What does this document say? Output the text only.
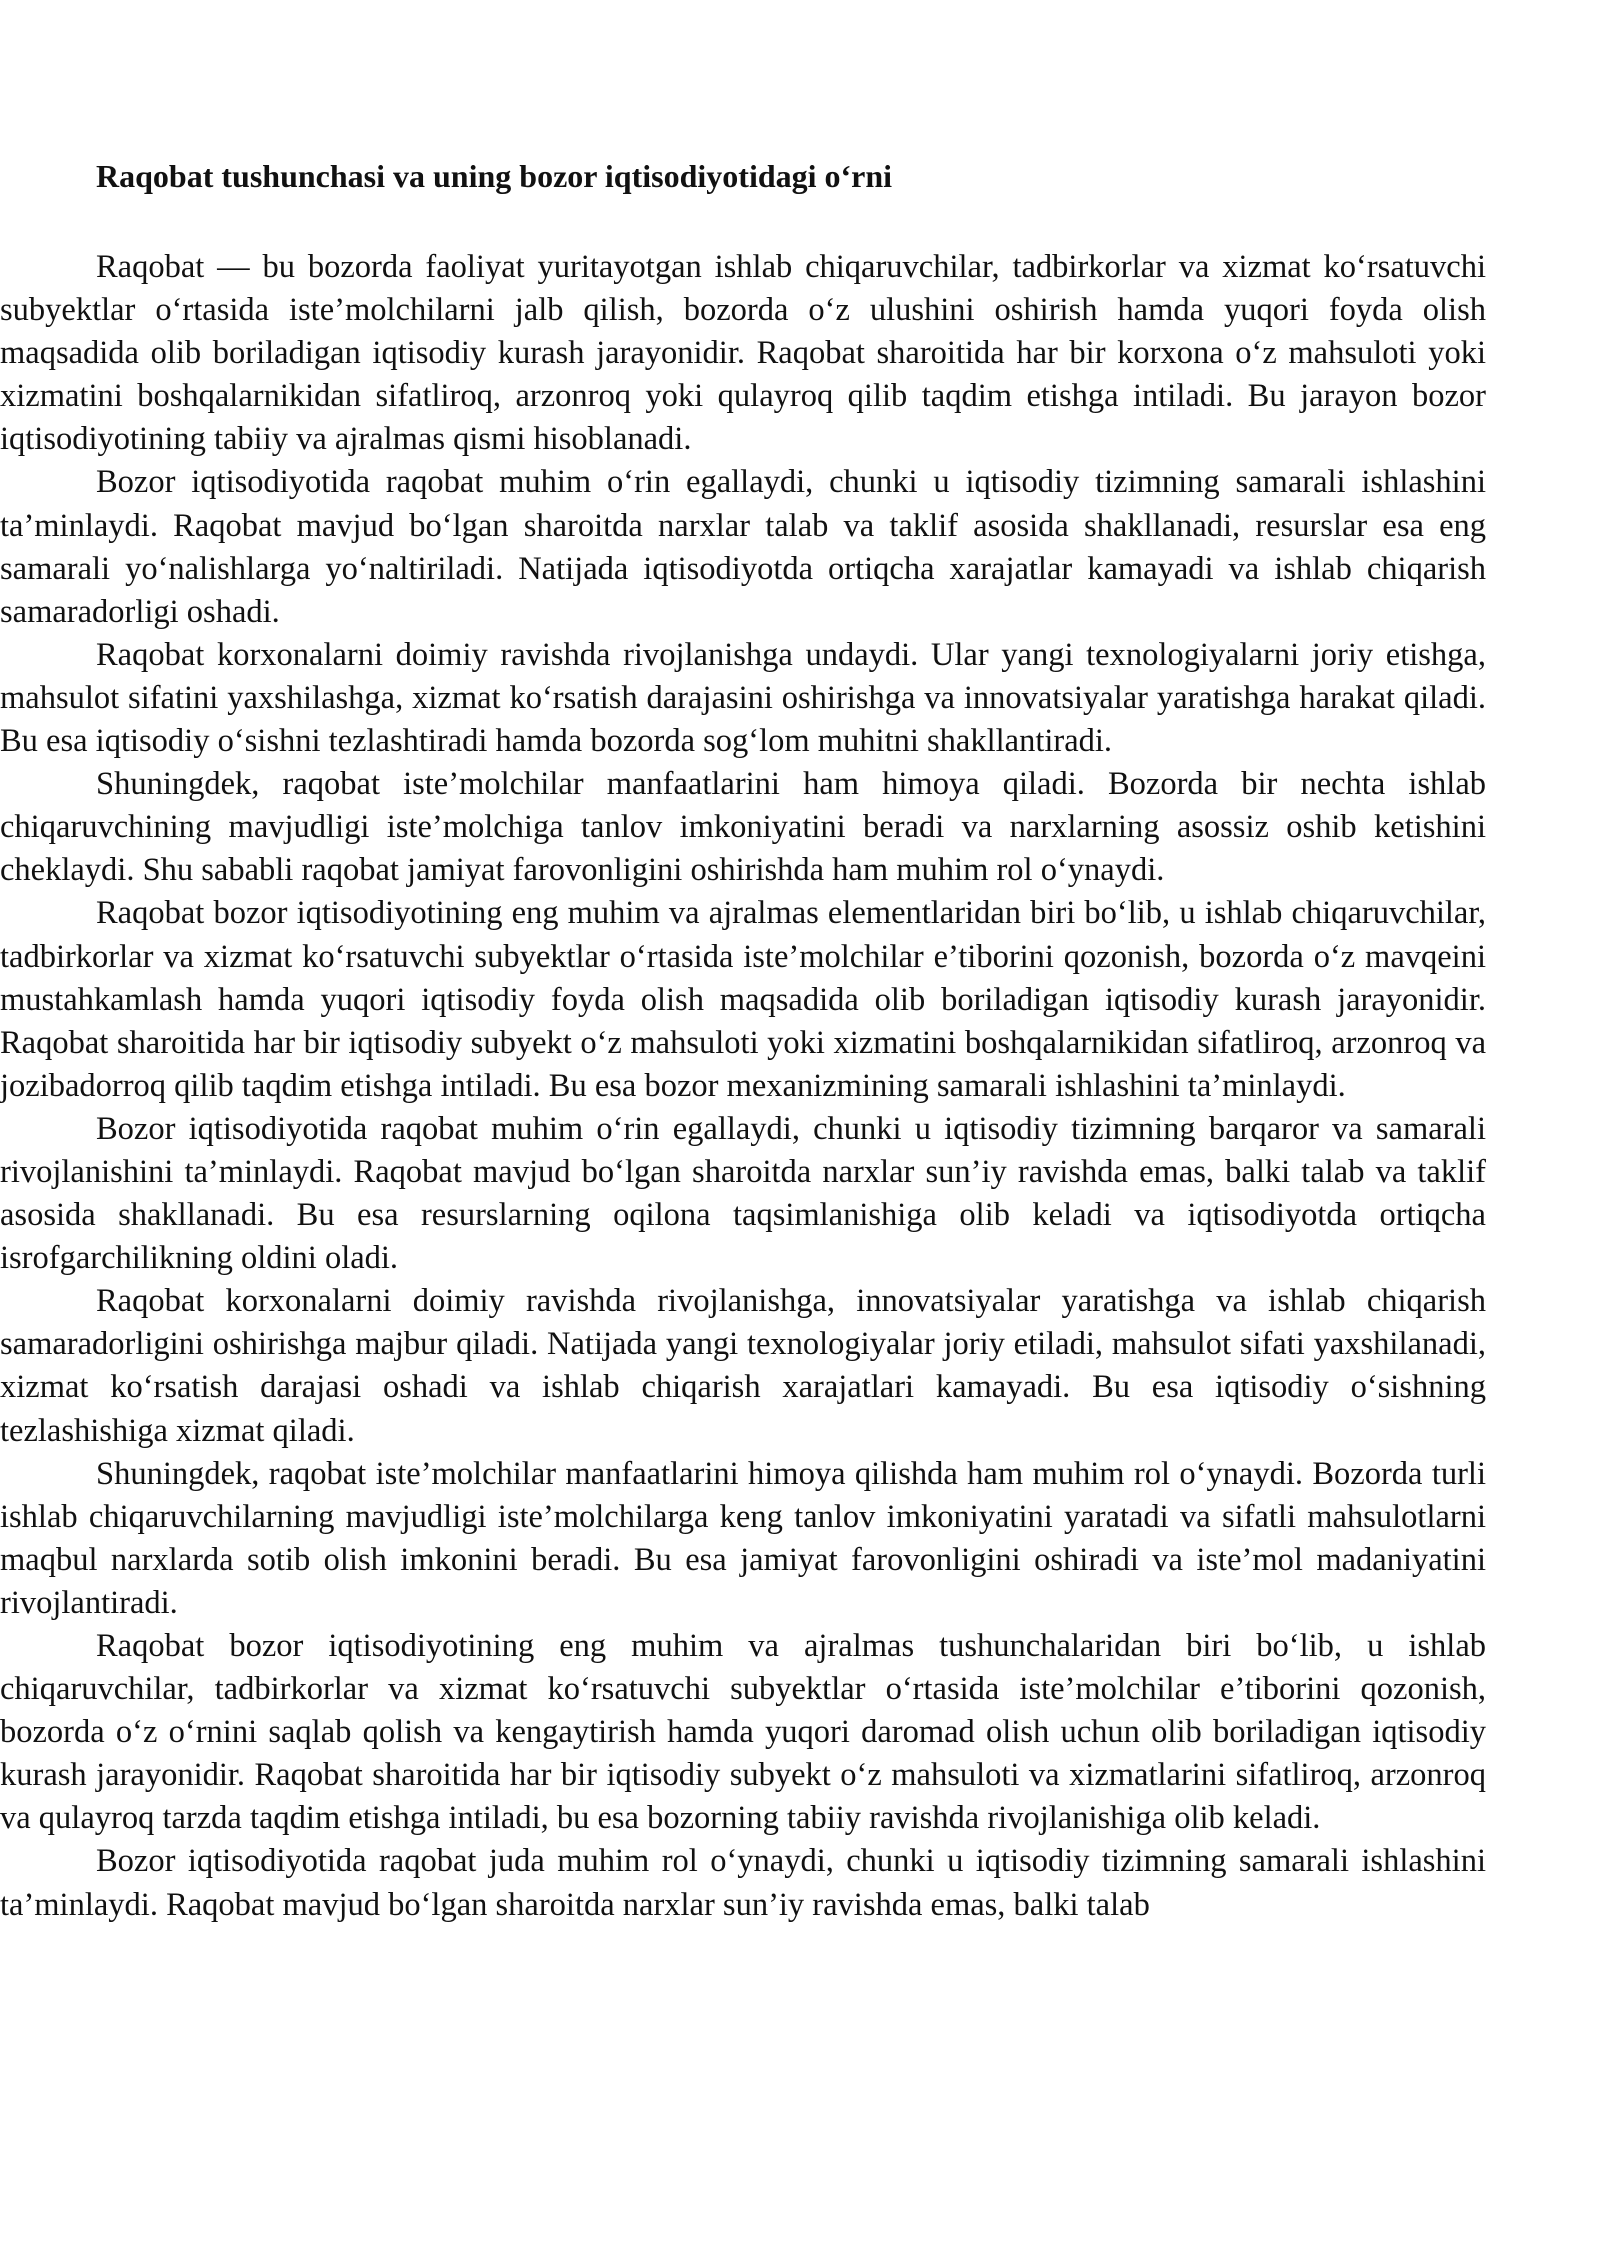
Raqobat tushunchasi va uning bozor iqtisodiyotidagi o‘rni

Raqobat — bu bozorda faoliyat yuritayotgan ishlab chiqaruvchilar, tadbirkorlar va xizmat ko‘rsatuvchi subyektlar o‘rtasida iste’molchilarni jalb qilish, bozorda o‘z ulushini oshirish hamda yuqori foyda olish maqsadida olib boriladigan iqtisodiy kurash jarayonidir. Raqobat sharoitida har bir korxona o‘z mahsuloti yoki xizmatini boshqalarnikidan sifatliroq, arzonroq yoki qulayroq qilib taqdim etishga intiladi. Bu jarayon bozor iqtisodiyotining tabiiy va ajralmas qismi hisoblanadi.

Bozor iqtisodiyotida raqobat muhim o‘rin egallaydi, chunki u iqtisodiy tizimning samarali ishlashini ta’minlaydi. Raqobat mavjud bo‘lgan sharoitda narxlar talab va taklif asosida shakllanadi, resurslar esa eng samarali yo‘nalishlarga yo‘naltiriladi. Natijada iqtisodiyotda ortiqcha xarajatlar kamayadi va ishlab chiqarish samaradorligi oshadi.

Raqobat korxonalarni doimiy ravishda rivojlanishga undaydi. Ular yangi texnologiyalarni joriy etishga, mahsulot sifatini yaxshilashga, xizmat ko‘rsatish darajasini oshirishga va innovatsiyalar yaratishga harakat qiladi. Bu esa iqtisodiy o‘sishni tezlashtiradi hamda bozorda sog‘lom muhitni shakllantiradi.

Shuningdek, raqobat iste’molchilar manfaatlarini ham himoya qiladi. Bozorda bir nechta ishlab chiqaruvchining mavjudligi iste’molchiga tanlov imkoniyatini beradi va narxlarning asossiz oshib ketishini cheklaydi. Shu sababli raqobat jamiyat farovonligini oshirishda ham muhim rol o‘ynaydi.

Raqobat bozor iqtisodiyotining eng muhim va ajralmas elementlaridan biri bo‘lib, u ishlab chiqaruvchilar, tadbirkorlar va xizmat ko‘rsatuvchi subyektlar o‘rtasida iste’molchilar e’tiborini qozonish, bozorda o‘z mavqeini mustahkamlash hamda yuqori iqtisodiy foyda olish maqsadida olib boriladigan iqtisodiy kurash jarayonidir. Raqobat sharoitida har bir iqtisodiy subyekt o‘z mahsuloti yoki xizmatini boshqalarnikidan sifatliroq, arzonroq va jozibadorroq qilib taqdim etishga intiladi. Bu esa bozor mexanizmining samarali ishlashini ta’minlaydi.

Bozor iqtisodiyotida raqobat muhim o‘rin egallaydi, chunki u iqtisodiy tizimning barqaror va samarali rivojlanishini ta’minlaydi. Raqobat mavjud bo‘lgan sharoitda narxlar sun’iy ravishda emas, balki talab va taklif asosida shakllanadi. Bu esa resurslarning oqilona taqsimlanishiga olib keladi va iqtisodiyotda ortiqcha isrofgarchilikning oldini oladi.

Raqobat korxonalarni doimiy ravishda rivojlanishga, innovatsiyalar yaratishga va ishlab chiqarish samaradorligini oshirishga majbur qiladi. Natijada yangi texnologiyalar joriy etiladi, mahsulot sifati yaxshilanadi, xizmat ko‘rsatish darajasi oshadi va ishlab chiqarish xarajatlari kamayadi. Bu esa iqtisodiy o‘sishning tezlashishiga xizmat qiladi.

Shuningdek, raqobat iste’molchilar manfaatlarini himoya qilishda ham muhim rol o‘ynaydi. Bozorda turli ishlab chiqaruvchilarning mavjudligi iste’molchilarga keng tanlov imkoniyatini yaratadi va sifatli mahsulotlarni maqbul narxlarda sotib olish imkonini beradi. Bu esa jamiyat farovonligini oshiradi va iste’mol madaniyatini rivojlantiradi.

Raqobat bozor iqtisodiyotining eng muhim va ajralmas tushunchalaridan biri bo‘lib, u ishlab chiqaruvchilar, tadbirkorlar va xizmat ko‘rsatuvchi subyektlar o‘rtasida iste’molchilar e’tiborini qozonish, bozorda o‘z o‘rnini saqlab qolish va kengaytirish hamda yuqori daromad olish uchun olib boriladigan iqtisodiy kurash jarayonidir. Raqobat sharoitida har bir iqtisodiy subyekt o‘z mahsuloti va xizmatlarini sifatliroq, arzonroq va qulayroq tarzda taqdim etishga intiladi, bu esa bozorning tabiiy ravishda rivojlanishiga olib keladi.

Bozor iqtisodiyotida raqobat juda muhim rol o‘ynaydi, chunki u iqtisodiy tizimning samarali ishlashini ta’minlaydi. Raqobat mavjud bo‘lgan sharoitda narxlar sun’iy ravishda emas, balki talab
